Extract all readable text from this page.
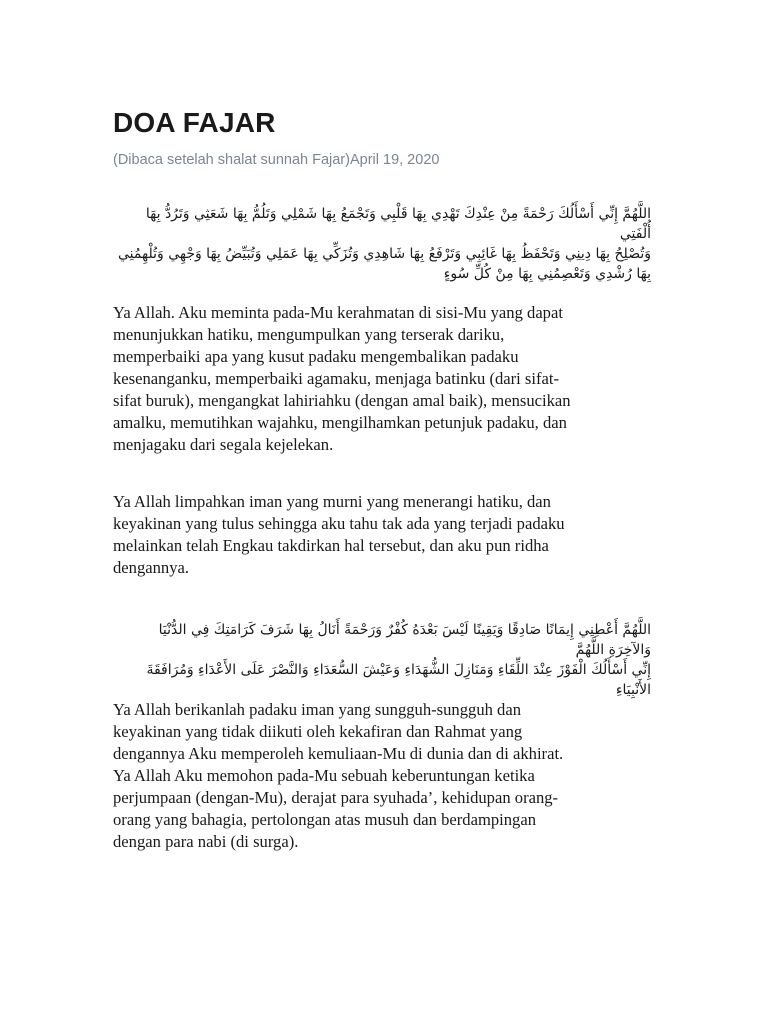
DOA FAJAR

(Dibaca setelah shalat sunnah Fajar)April 19, 2020

اللَّهُمَّ إِنِّي أَسْأَلُكَ رَحْمَةً مِنْ عِنْدِكَ تَهْدِي بِهَا قَلْبِي وَتَجْمَعُ بِهَا شَمْلِي وَتَلُمُّ بِهَا شَعَثِي وَتَرُدُّ بِهَا أُلْفَتِي
وَتُصْلِحُ بِهَا دِينِي وَتَحْفَظُ بِهَا غَائِبِي وَتَرْفَعُ بِهَا شَاهِدِي وَتُزَكِّي بِهَا عَمَلِي وَتُبَيِّضُ بِهَا وَجْهِي وَتُلْهِمُنِي
بِهَا رُشْدِي وَتَعْصِمُنِي بِهَا مِنْ كُلِّ سُوءٍ
Ya Allah. Aku meminta pada-Mu kerahmatan di sisi-Mu yang dapat
menunjukkan hatiku, mengumpulkan yang terserak dariku,
memperbaiki apa yang kusut padaku mengembalikan padaku
kesenanganku, memperbaiki agamaku, menjaga batinku (dari sifat-
sifat buruk), mengangkat lahiriahku (dengan amal baik), mensucikan
amalku, memutihkan wajahku, mengilhamkan petunjuk padaku, dan
menjagaku dari segala kejelekan.
Ya Allah limpahkan iman yang murni yang menerangi hatiku, dan
keyakinan yang tulus sehingga aku tahu tak ada yang terjadi padaku
melainkan telah Engkau takdirkan hal tersebut, dan aku pun ridha
dengannya.
اللَّهُمَّ أَعْطِنِي إِيمَانًا صَادِقًا وَيَقِينًا لَيْسَ بَعْدَهُ كُفْرٌ وَرَحْمَةً أَنَالُ بِهَا شَرَفَ كَرَامَتِكَ فِي الدُّنْيَا وَالآخِرَةِ اللَّهُمَّ
إِنِّي أَسْأَلُكَ الْفَوْزَ عِنْدَ اللِّقَاءِ وَمَنَازِلَ الشُّهَدَاءِ وَعَيْشَ السُّعَدَاءِ وَالنَّصْرَ عَلَى الأَعْدَاءِ وَمُرَافَقَةَ الأَنْبِيَاءِ
Ya Allah berikanlah padaku iman yang sungguh-sungguh dan
keyakinan yang tidak diikuti oleh kekafiran dan Rahmat yang
dengannya Aku memperoleh kemuliaan-Mu di dunia dan di akhirat.
Ya Allah Aku memohon pada-Mu sebuah keberuntungan ketika
perjumpaan (dengan-Mu), derajat para syuhada’, kehidupan orang-
orang yang bahagia, pertolongan atas musuh dan berdampingan
dengan para nabi (di surga).
